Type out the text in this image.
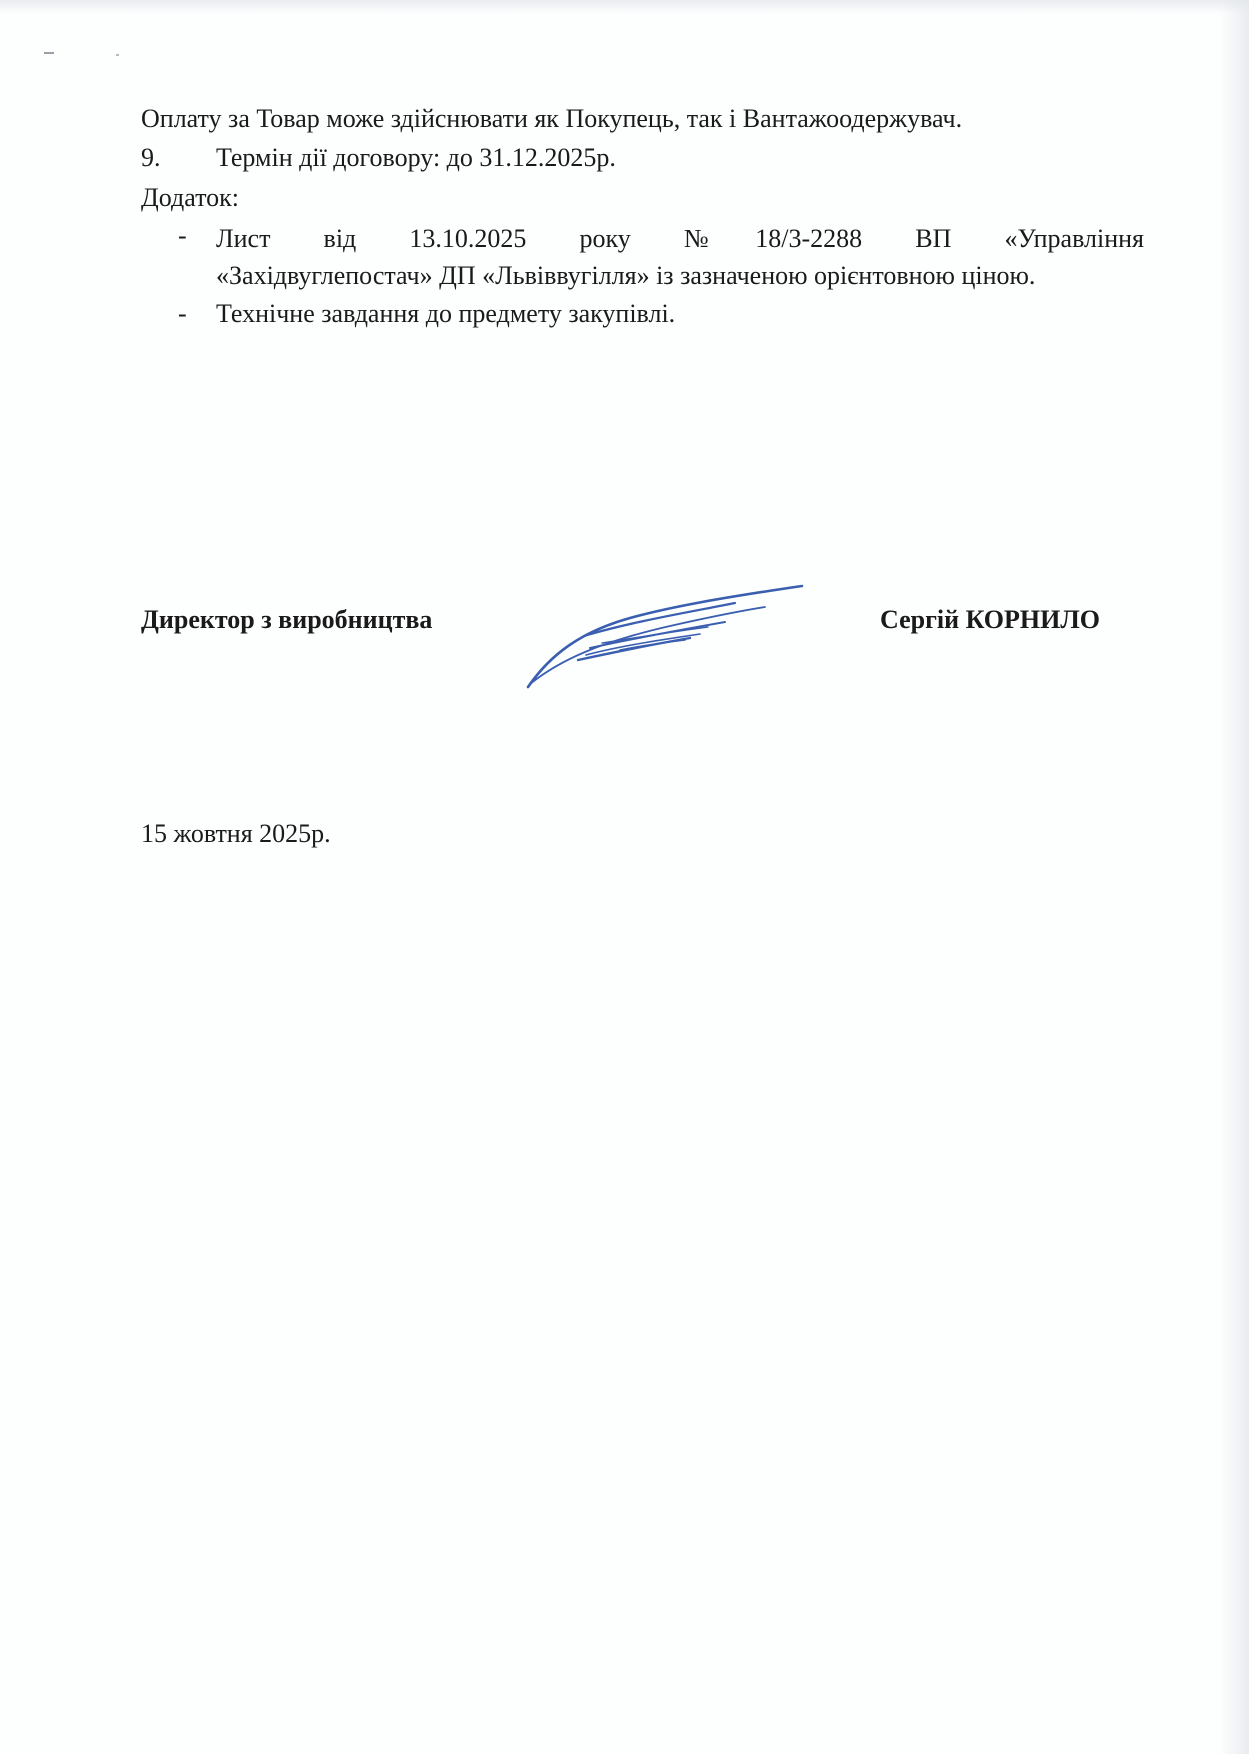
Оплату за Товар може здійснювати як Покупець, так і Вантажоодержувач.
9. Термін дії договору: до 31.12.2025р.
Додаток:
- Лист від 13.10.2025 року №18/3-2288 ВП «Управління
«Західвуглепостач» ДП «Львіввугілля» із зазначеною орієнтовною ціною.
- Технічне завдання до предмету закупівлі.
Директор з виробництва	Сергій КОРНИЛО
15 жовтня 2025р.
